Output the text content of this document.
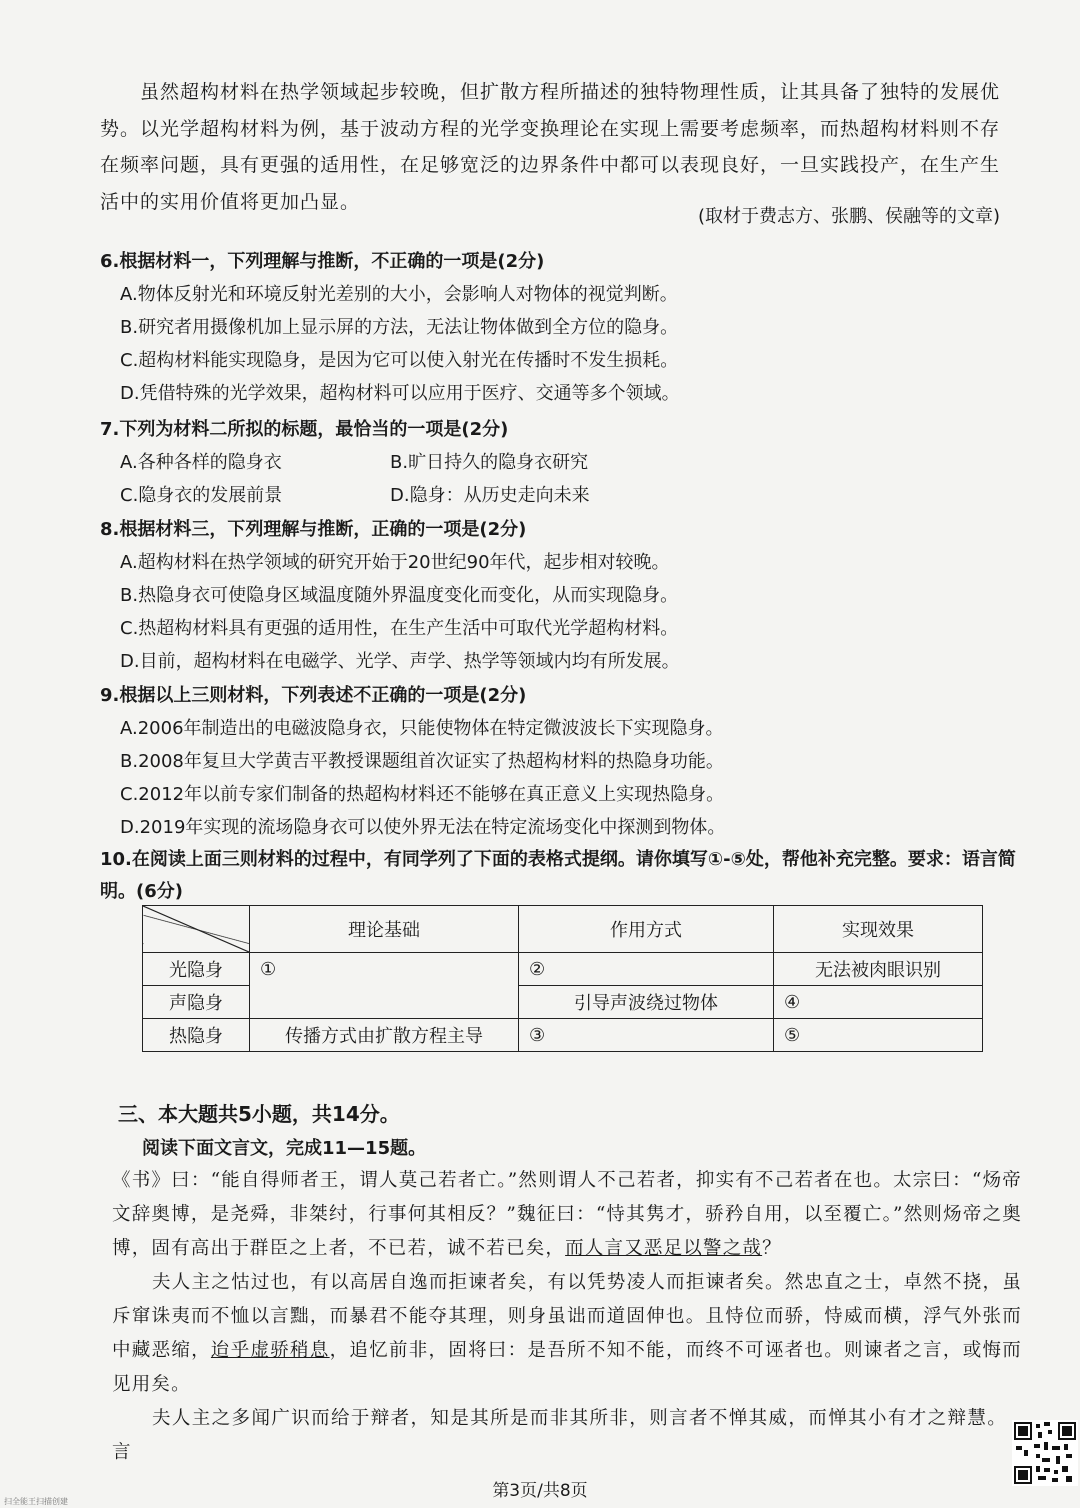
虽然超构材料在热学领域起步较晚，但扩散方程所描述的独特物理性质，让其具备了独特的发展优势。以光学超构材料为例，基于波动方程的光学变换理论在实现上需要考虑频率，而热超构材料则不存在频率问题，具有更强的适用性，在足够宽泛的边界条件中都可以表现良好，一旦实践投产，在生产生活中的实用价值将更加凸显。
(取材于费志方、张鹏、侯融等的文章)
6.根据材料一，下列理解与推断，不正确的一项是(2分)
A.物体反射光和环境反射光差别的大小，会影响人对物体的视觉判断。
B.研究者用摄像机加上显示屏的方法，无法让物体做到全方位的隐身。
C.超构材料能实现隐身，是因为它可以使入射光在传播时不发生损耗。
D.凭借特殊的光学效果，超构材料可以应用于医疗、交通等多个领域。
7.下列为材料二所拟的标题，最恰当的一项是(2分)
A.各种各样的隐身衣	B.旷日持久的隐身衣研究
C.隐身衣的发展前景	D.隐身：从历史走向未来
8.根据材料三，下列理解与推断，正确的一项是(2分)
A.超构材料在热学领域的研究开始于20世纪90年代，起步相对较晚。
B.热隐身衣可使隐身区域温度随外界温度变化而变化，从而实现隐身。
C.热超构材料具有更强的适用性，在生产生活中可取代光学超构材料。
D.目前，超构材料在电磁学、光学、声学、热学等领域内均有所发展。
9.根据以上三则材料，下列表述不正确的一项是(2分)
A.2006年制造出的电磁波隐身衣，只能使物体在特定微波波长下实现隐身。
B.2008年复旦大学黄吉平教授课题组首次证实了热超构材料的热隐身功能。
C.2012年以前专家们制备的热超构材料还不能够在真正意义上实现热隐身。
D.2019年实现的流场隐身衣可以使外界无法在特定流场变化中探测到物体。
10.在阅读上面三则材料的过程中，有同学列了下面的表格式提纲。请你填写①-⑤处，帮他补充完整。要求：语言简明。(6分)
	理论基础	作用方式	实现效果
光隐身	①	②	无法被肉眼识别
声隐身		引导声波绕过物体	④
热隐身	传播方式由扩散方程主导	③	⑤
三、本大题共5小题，共14分。
阅读下面文言文，完成11—15题。
《书》曰：“能自得师者王，谓人莫己若者亡。”然则谓人不己若者，抑实有不己若者在也。太宗曰：“炀帝文辞奥博，是尧舜，非桀纣，行事何其相反？”魏征曰：“恃其隽才，骄矜自用，以至覆亡。”然则炀帝之奥博，固有高出于群臣之上者，不已若，诚不若已矣，而人言又恶足以警之哉？
夫人主之怙过也，有以高居自逸而拒谏者矣，有以凭势凌人而拒谏者矣。然忠直之士，卓然不挠，虽斥窜诛夷而不恤以言黜，而暴君不能夺其理，则身虽诎而道固伸也。且恃位而骄，恃威而横，浮气外张而中藏恶缩，迨乎虚骄稍息，追忆前非，固将曰：是吾所不知不能，而终不可诬者也。则谏者之言，或悔而见用矣。
夫人主之多闻广识而给于辩者，知是其所是而非其所非，则言者不惮其威，而惮其小有才之辩慧。言
第3页/共8页
扫全能王扫描创建
